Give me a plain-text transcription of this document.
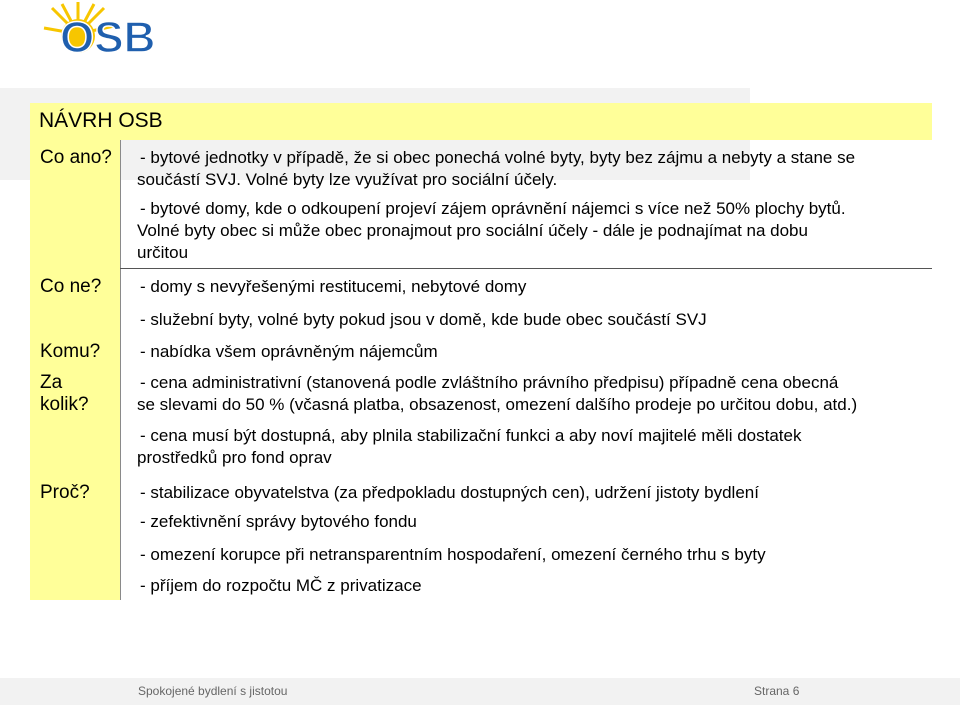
OSB
NÁVRH OSB
Co ano?
Co ne?
Komu?
Za
kolik?
Proč?
- bytové jednotky v případě, že si obec ponechá volné byty, byty bez zájmu a nebyty a stane se
součástí SVJ. Volné byty lze využívat pro sociální účely.
- bytové domy, kde o odkoupení projeví zájem oprávnění nájemci s více než 50% plochy bytů.
Volné byty obec si může obec pronajmout pro sociální účely - dále je podnajímat na dobu
určitou
- domy s nevyřešenými restitucemi, nebytové domy
- služební byty, volné byty pokud jsou v domě, kde bude obec součástí SVJ
- nabídka všem oprávněným nájemcům
- cena administrativní (stanovená podle zvláštního právního předpisu) případně cena obecná
se slevami do 50 % (včasná platba, obsazenost, omezení dalšího prodeje po určitou dobu, atd.)
- cena musí být dostupná, aby plnila stabilizační funkci a aby noví majitelé měli dostatek
prostředků pro fond oprav
- stabilizace obyvatelstva (za předpokladu dostupných cen), udržení jistoty bydlení
- zefektivnění správy bytového fondu
- omezení korupce při netransparentním hospodaření, omezení černého trhu s byty
- příjem do rozpočtu MČ z privatizace
Spokojené bydlení s jistotou	Strana 6
